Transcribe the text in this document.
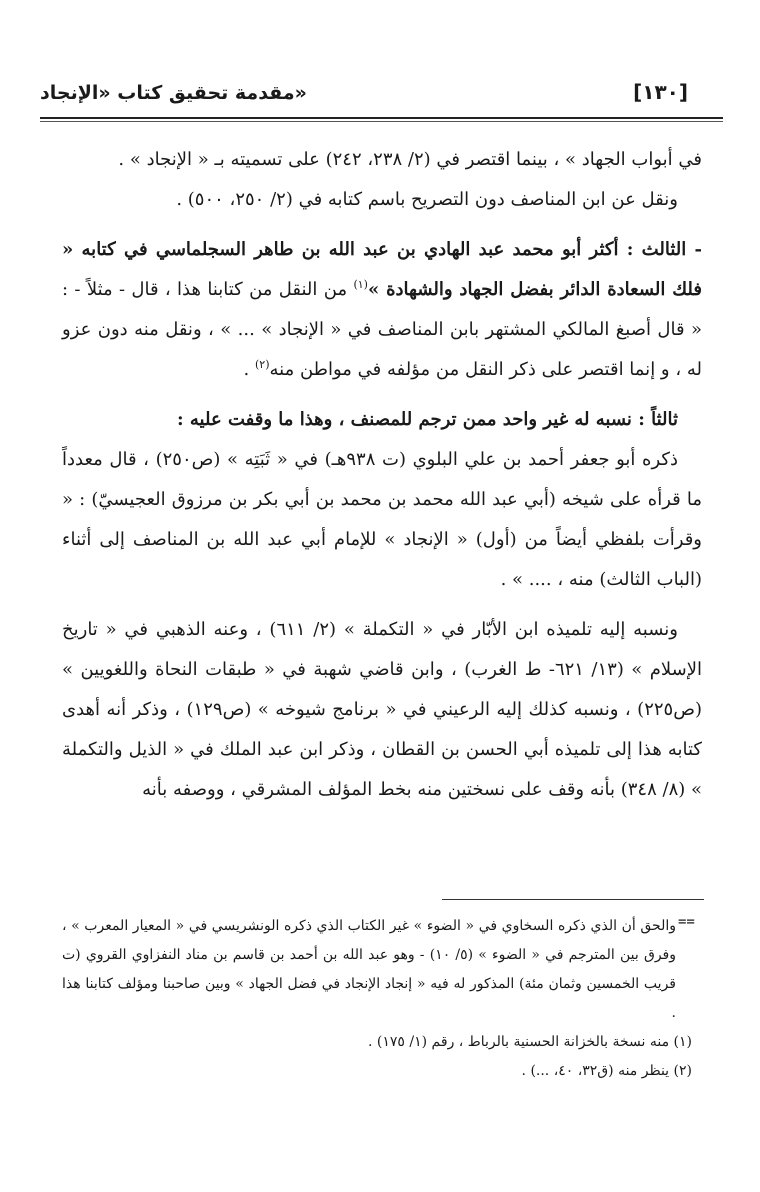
مقدمة تحقيق كتاب «الإنجاد»	[١٣٠]

في أبواب الجهاد » ، بينما اقتصر في (٢/ ٢٣٨، ٢٤٢) على تسميته بـ « الإنجاد » .

ونقل عن ابن المناصف دون التصريح باسم كتابه في (٢/ ٢٥٠، ٥٠٠) .

- الثالث : أكثر أبو محمد عبد الهادي بن عبد الله بن طاهر السجلماسي في كتابه « فلك السعادة الدائر بفضل الجهاد والشهادة »$^{(١)}$ من النقل من كتابنا هذا ، قال - مثلاً - : « قال أصبغ المالكي المشتهر بابن المناصف في « الإنجاد » ... » ، ونقل منه دون عزو له ، و إنما اقتصر على ذكر النقل من مؤلفه في مواطن منه$^{(٢)}$ .

ثالثاً : نسبه له غير واحد ممن ترجم للمصنف ، وهذا ما وقفت عليه :

ذكره أبو جعفر أحمد بن علي البلوي (ت ٩٣٨هـ) في « ثَبَتِه » (ص٢٥٠) ، قال معدداً ما قرأه على شيخه (أبي عبد الله محمد بن محمد بن أبي بكر بن مرزوق العجيسيّ) : « وقرأت بلفظي أيضاً من (أول) « الإنجاد » للإمام أبي عبد الله بن المناصف إلى أثناء (الباب الثالث) منه ، .... » .

ونسبه إليه تلميذه ابن الأبّار في « التكملة » (٢/ ٦١١) ، وعنه الذهبي في « تاريخ الإسلام » (١٣/ ٦٢١- ط الغرب) ، وابن قاضي شهبة في « طبقات النحاة واللغويين » (ص٢٢٥) ، ونسبه كذلك إليه الرعيني في « برنامج شيوخه » (ص١٢٩) ، وذكر أنه أهدى كتابه هذا إلى تلميذه أبي الحسن بن القطان ، وذكر ابن عبد الملك في « الذيل والتكملة » (٨/ ٣٤٨) بأنه وقف على نسختين منه بخط المؤلف المشرقي ، ووصفه بأنه

==

والحق أن الذي ذكره السخاوي في « الضوء » غير الكتاب الذي ذكره الونشريسي في « المعيار المعرب » ، وفرق بين المترجم في « الضوء » (٥/ ١٠) - وهو عبد الله بن أحمد بن قاسم بن مناد النفزاوي القروي (ت قريب الخمسين وثمان مئة) المذكور له فيه « إنجاد الإنجاد في فضل الجهاد » وبين صاحبنا ومؤلف كتابنا هذا .

(١) منه نسخة بالخزانة الحسنية بالرباط ، رقم (١/ ١٧٥) .

(٢) ينظر منه (ق٣٢، ٤٠، ...) .
